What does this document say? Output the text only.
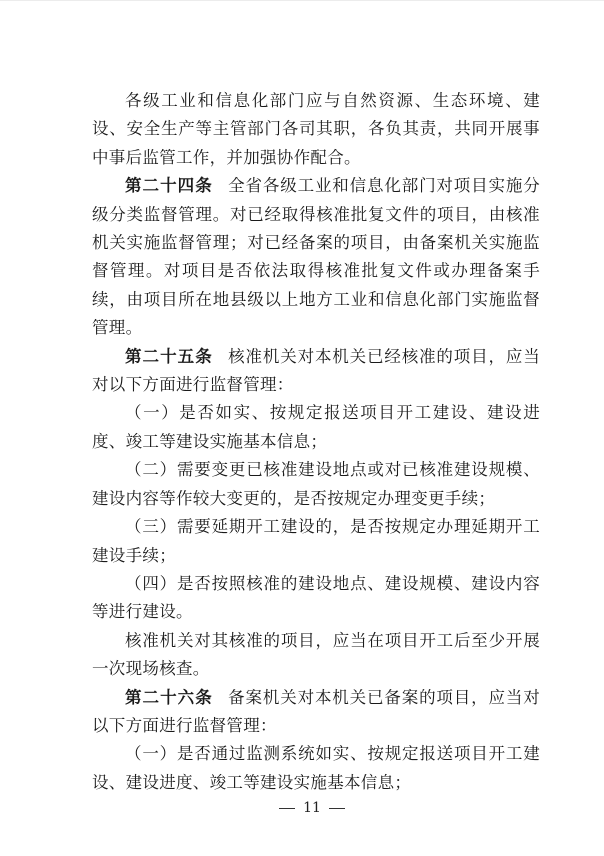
各级工业和信息化部门应与自然资源、生态环境、建设、安全生产等主管部门各司其职，各负其责，共同开展事中事后监管工作，并加强协作配合。

第二十四条 全省各级工业和信息化部门对项目实施分级分类监督管理。对已经取得核准批复文件的项目，由核准机关实施监督管理；对已经备案的项目，由备案机关实施监督管理。对项目是否依法取得核准批复文件或办理备案手续，由项目所在地县级以上地方工业和信息化部门实施监督管理。

第二十五条 核准机关对本机关已经核准的项目，应当对以下方面进行监督管理：

（一）是否如实、按规定报送项目开工建设、建设进度、竣工等建设实施基本信息；

（二）需要变更已核准建设地点或对已核准建设规模、建设内容等作较大变更的，是否按规定办理变更手续；

（三）需要延期开工建设的，是否按规定办理延期开工建设手续；

（四）是否按照核准的建设地点、建设规模、建设内容等进行建设。

核准机关对其核准的项目，应当在项目开工后至少开展一次现场核查。

第二十六条 备案机关对本机关已备案的项目，应当对以下方面进行监督管理：

（一）是否通过监测系统如实、按规定报送项目开工建设、建设进度、竣工等建设实施基本信息；

11
